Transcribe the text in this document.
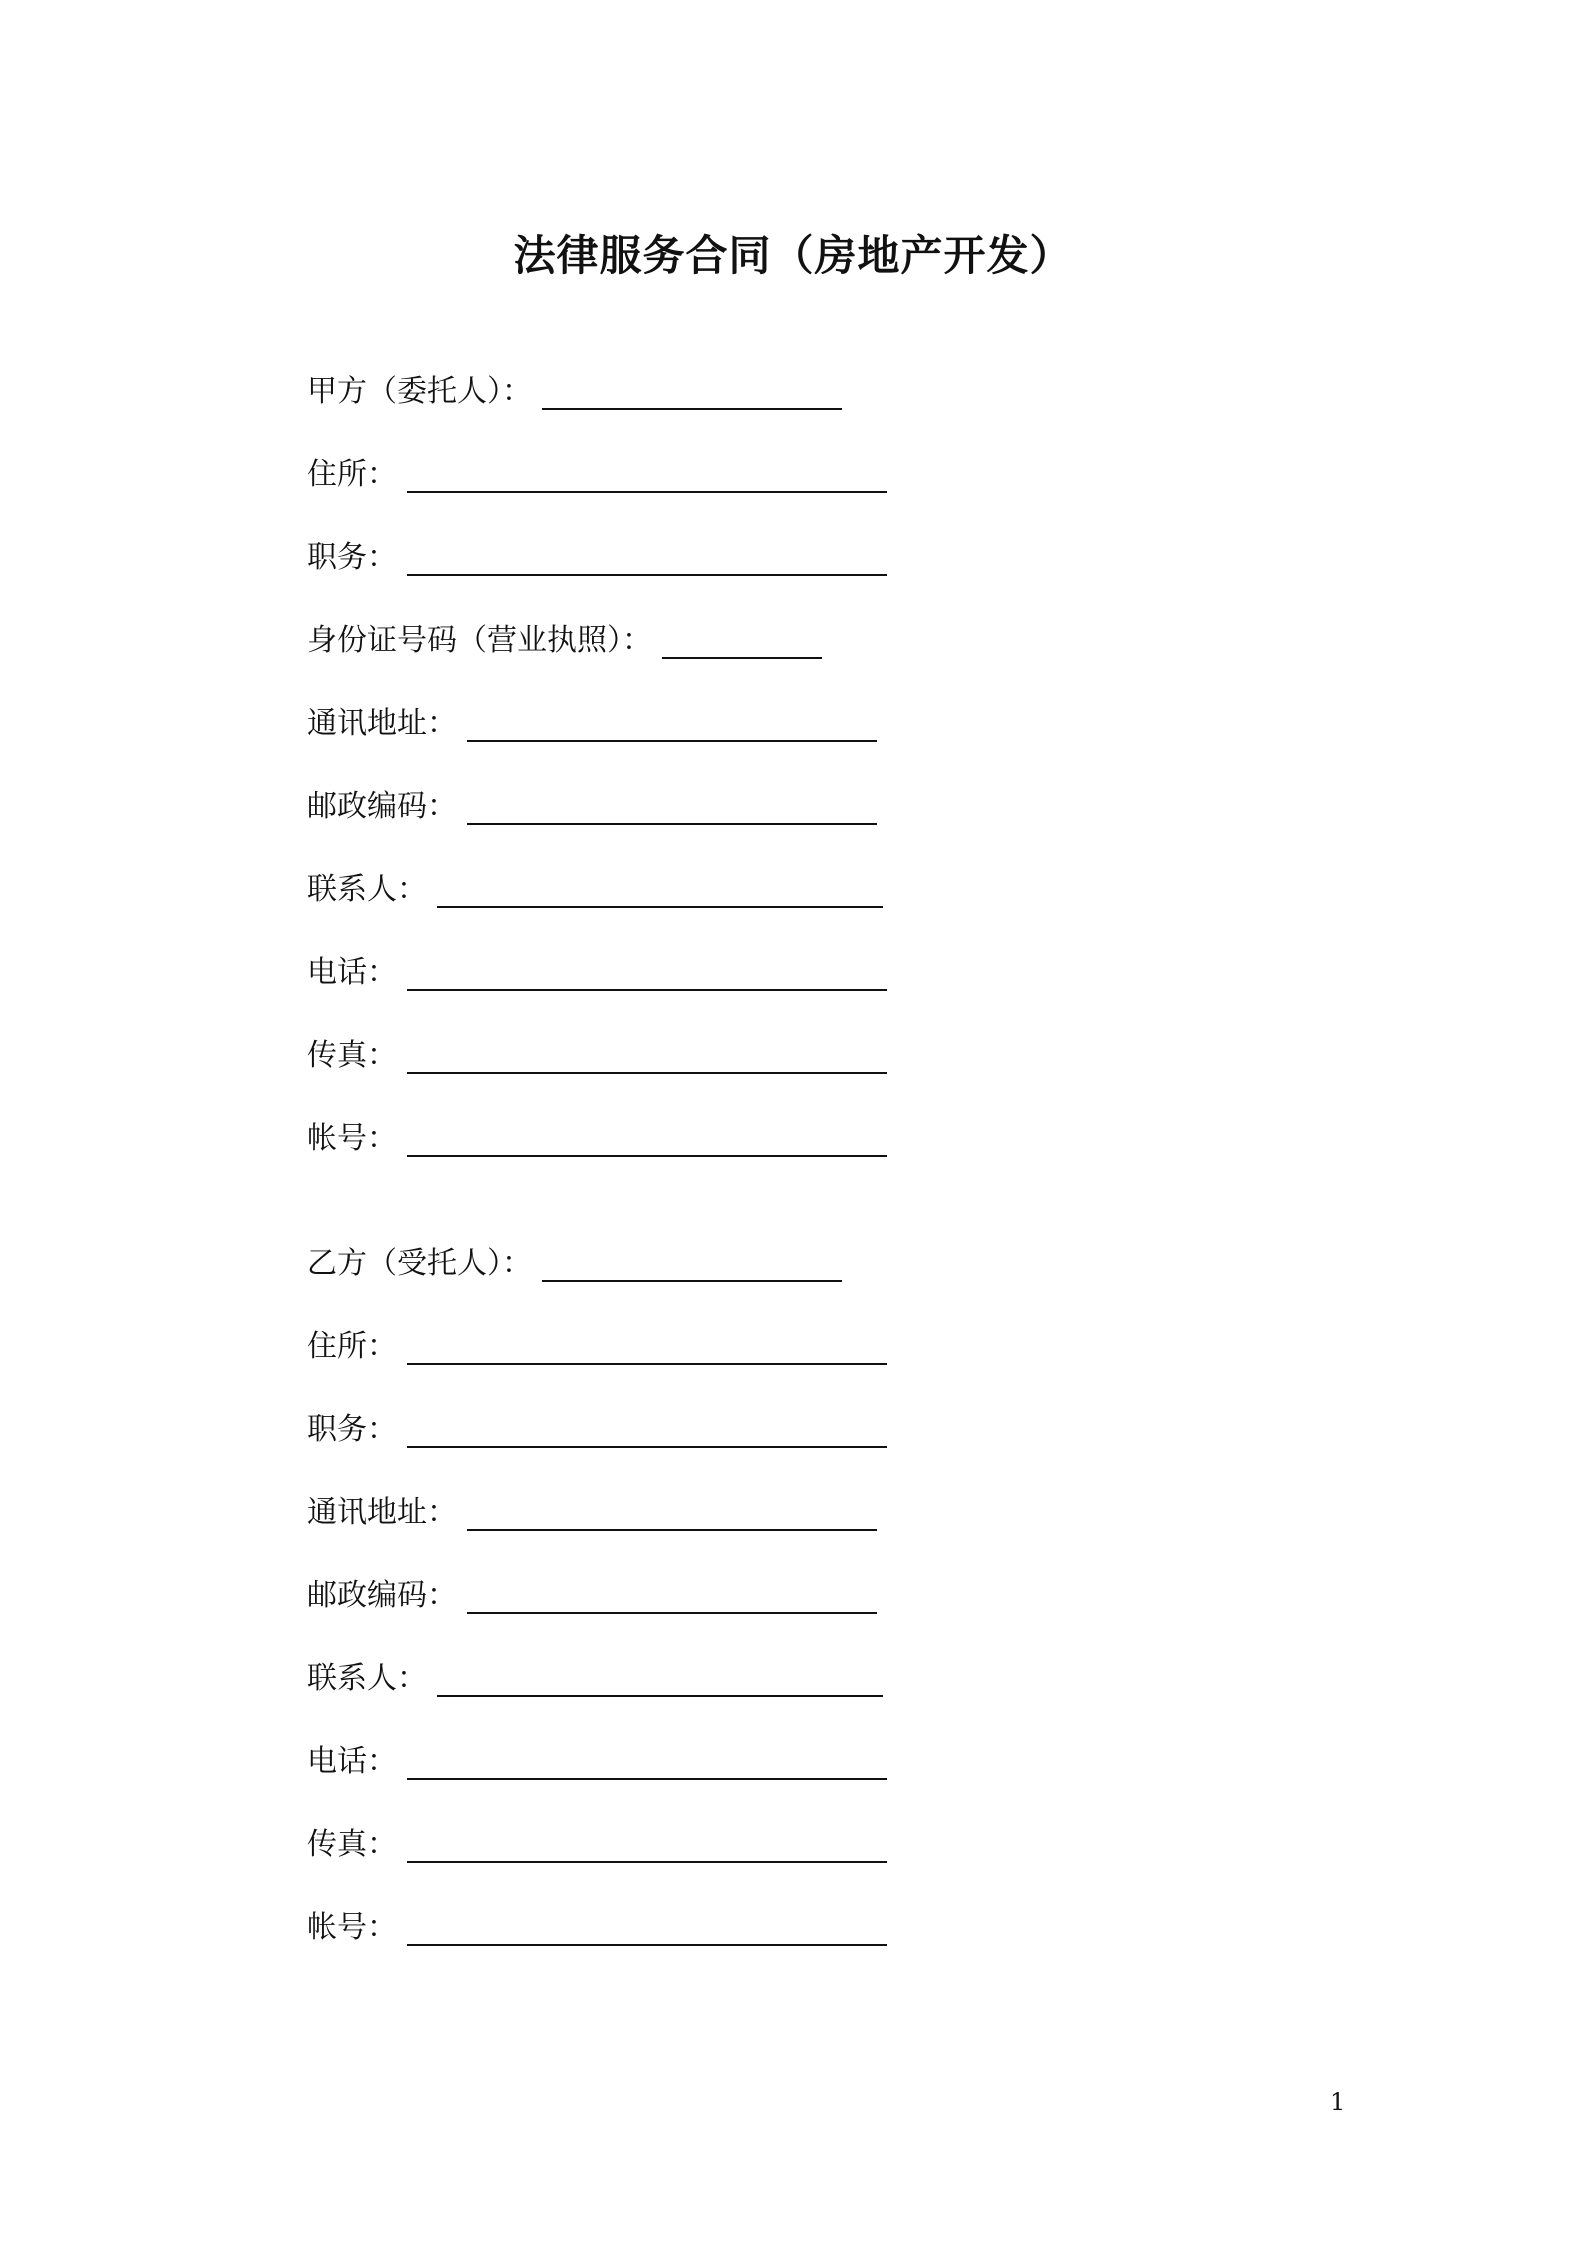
法律服务合同（房地产开发）
甲方（委托人）：
住所：
职务：
身份证号码（营业执照）：
通讯地址：
邮政编码：
联系人：
电话：
传真：
帐号：
乙方（受托人）：
住所：
职务：
通讯地址：
邮政编码：
联系人：
电话：
传真：
帐号：
1
